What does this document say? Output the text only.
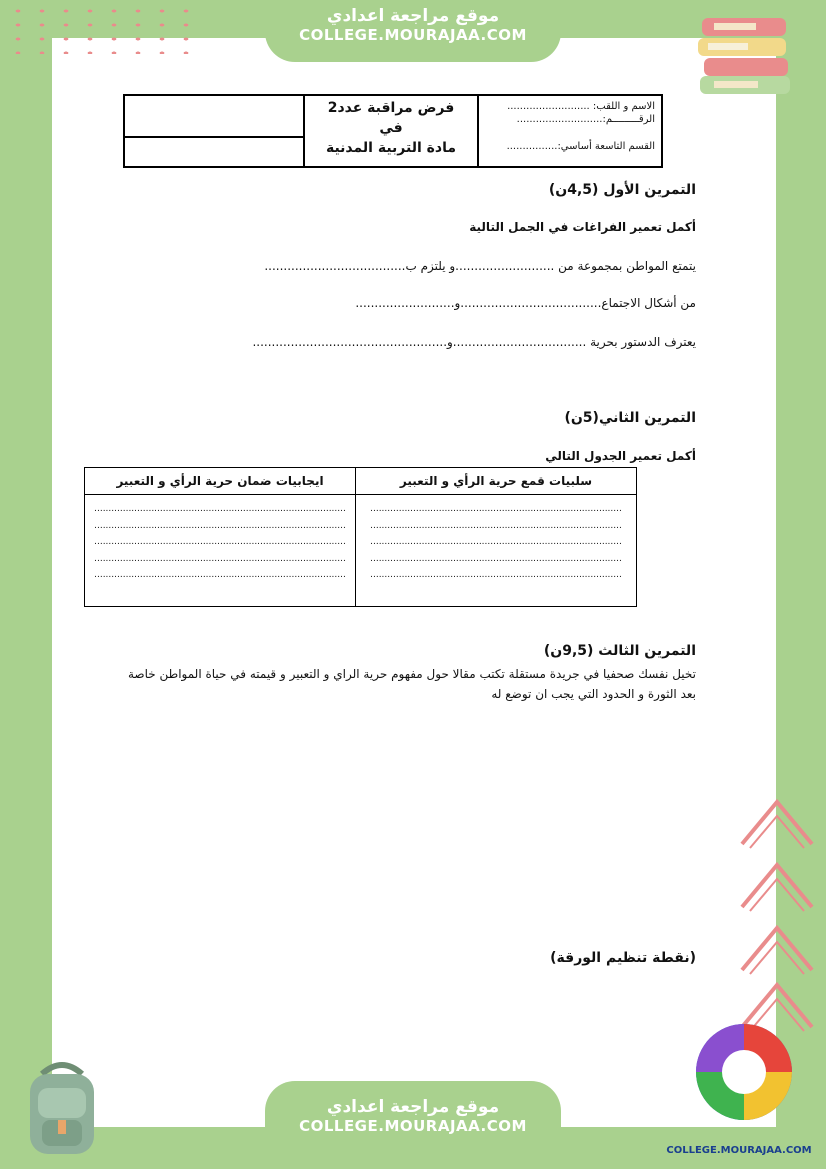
موقع مراجعة اعدادي
COLLEGE.MOURAJAA.COM
الاسم و اللقب: ..........................
الرقـــــــــم:...........................
القسم التاسعة أساسي:................
فرض مراقبة عدد2
في
مادة التربية المدنية
التمرين الأول (4,5ن)
أكمل تعمير الفراغات في الجمل التالية
يتمتع المواطن بمجموعة من ..........................و يلتزم ب.....................................
من أشكال الاجتماع.....................................و..........................
يعترف الدستور بحرية ...................................و...................................................
التمرين الثاني(5ن)
أكمل تعمير الجدول التالي
سلبيات قمع حرية الرأي و التعبير
........................................................................................
........................................................................................
........................................................................................
........................................................................................
........................................................................................
ايجابيات ضمان حرية الرأي و التعبير
........................................................................................
........................................................................................
........................................................................................
........................................................................................
........................................................................................
التمرين الثالث (9,5ن)
تخيل نفسك صحفيا في جريدة مستقلة تكتب مقالا حول مفهوم حرية الراي و التعبير و قيمته في حياة المواطن خاصة
بعد الثورة و الحدود التي يجب ان توضع له
(نقطة تنظيم الورقة)
موقع مراجعة اعدادي
COLLEGE.MOURAJAA.COM
COLLEGE.MOURAJAA.COM
